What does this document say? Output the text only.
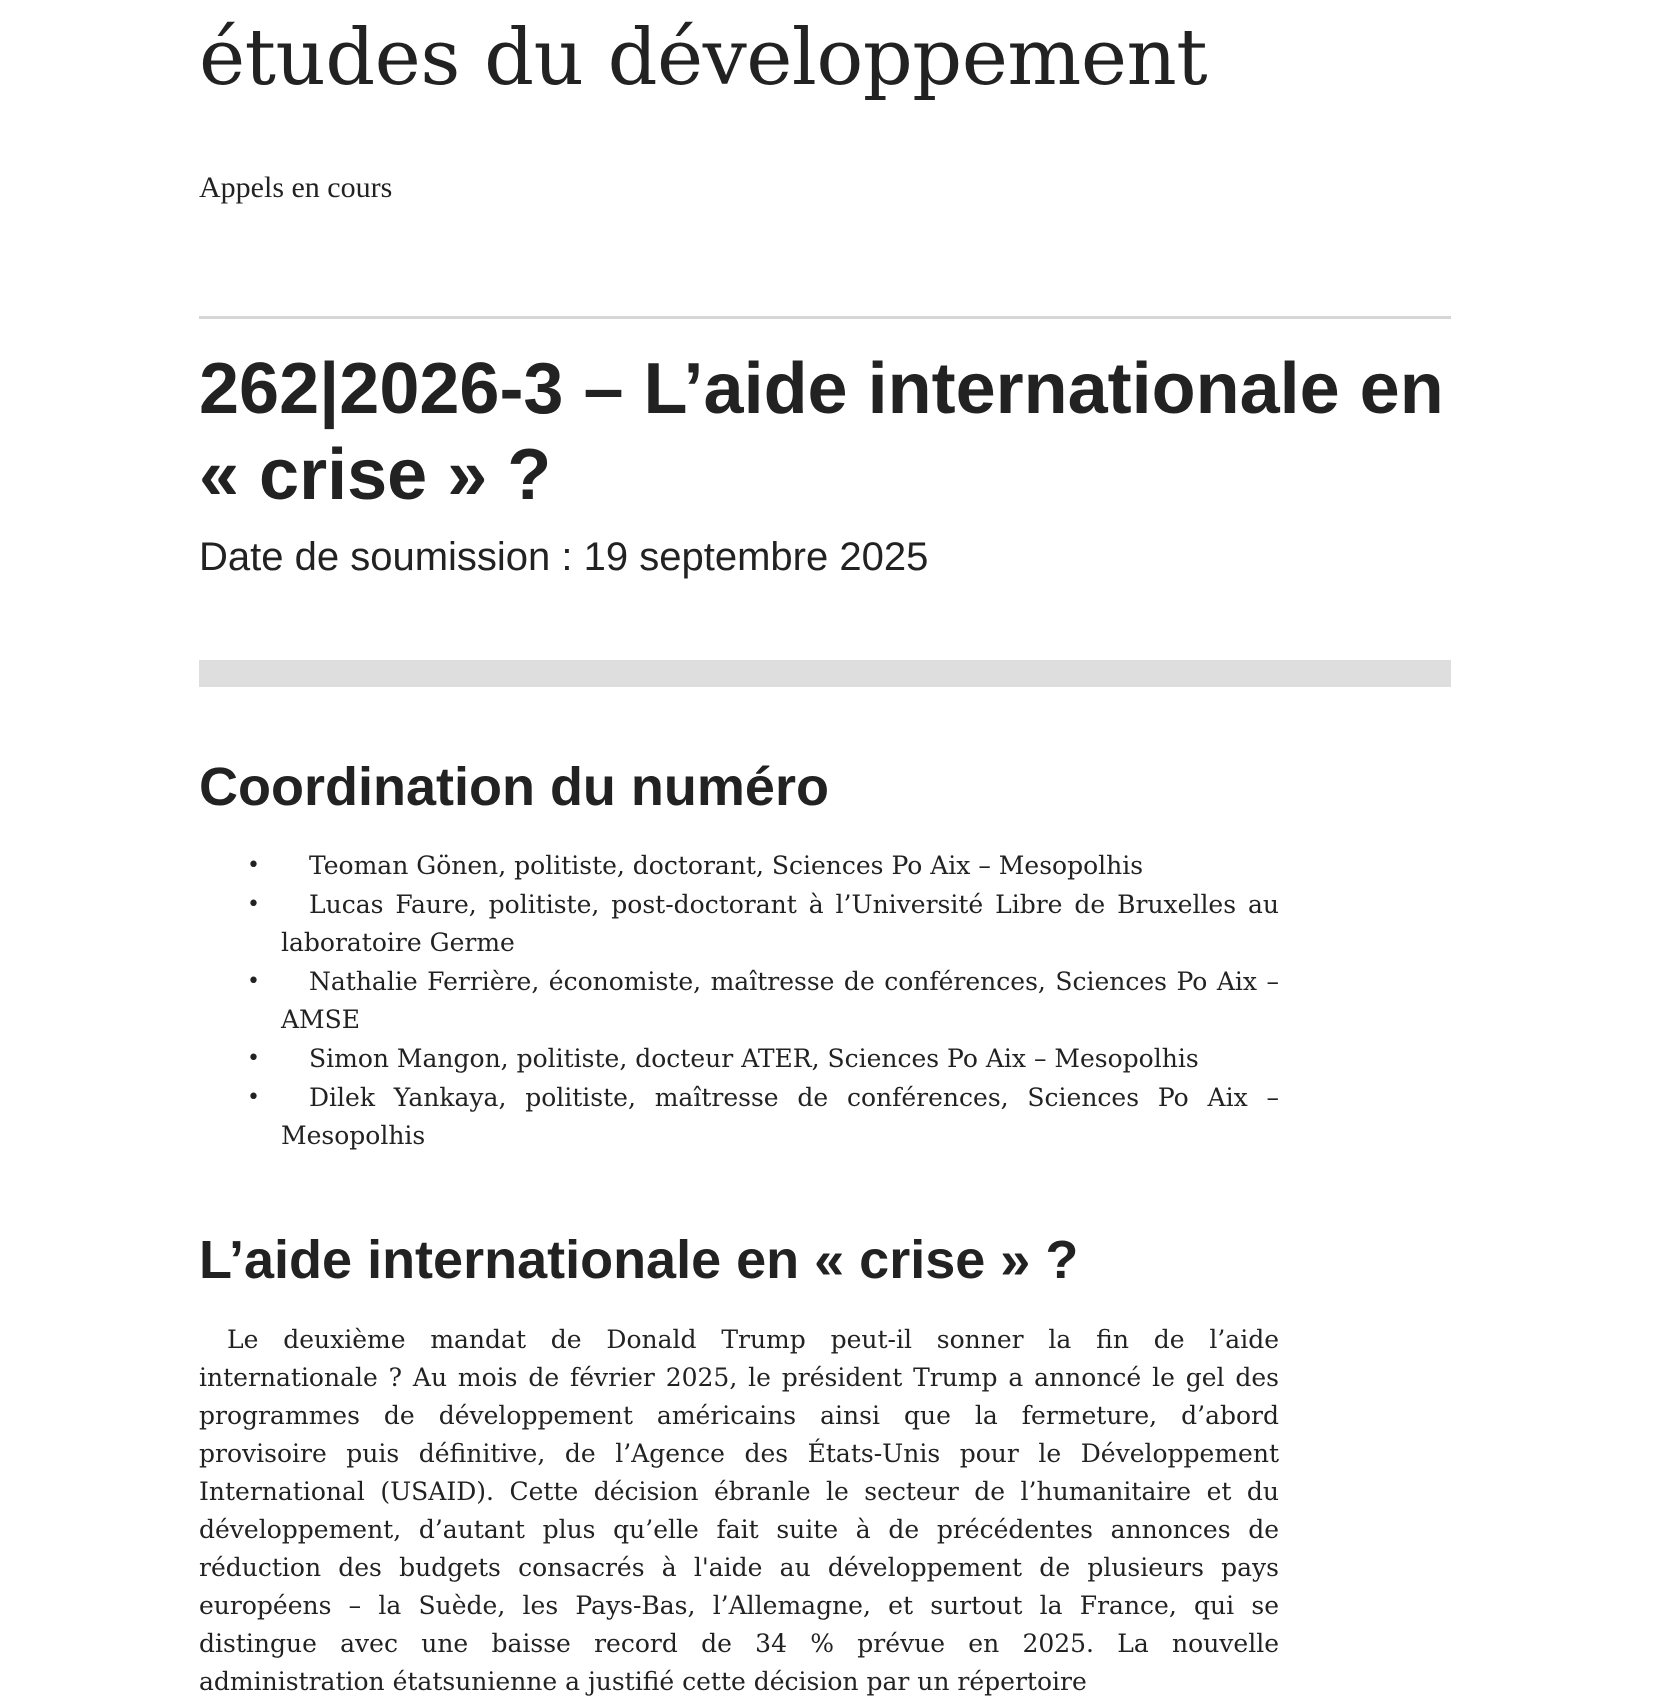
études du développement
Appels en cours
262|2026-3 – L’aide internationale en « crise » ?

Date de soumission : 19 septembre 2025

Coordination du numéro
• Teoman Gönen, politiste, doctorant, Sciences Po Aix – Mesopolhis
• Lucas Faure, politiste, post-doctorant à l’Université Libre de Bruxelles au laboratoire Germe
• Nathalie Ferrière, économiste, maîtresse de conférences, Sciences Po Aix – AMSE
• Simon Mangon, politiste, docteur ATER, Sciences Po Aix – Mesopolhis
• Dilek Yankaya, politiste, maîtresse de conférences, Sciences Po Aix – Mesopolhis
L’aide internationale en « crise » ?

Le deuxième mandat de Donald Trump peut-il sonner la fin de l’aide internationale ? Au mois de février 2025, le président Trump a annoncé le gel des programmes de développement américains ainsi que la fermeture, d’abord provisoire puis définitive, de l’Agence des États-Unis pour le Développement International (USAID). Cette décision ébranle le secteur de l’humanitaire et du développement, d’autant plus qu’elle fait suite à de précédentes annonces de réduction des budgets consacrés à l'aide au développement de plusieurs pays européens – la Suède, les Pays-Bas, l’Allemagne, et surtout la France, qui se distingue avec une baisse record de 34 % prévue en 2025. La nouvelle administration étatsunienne a justifié cette décision par un répertoire
